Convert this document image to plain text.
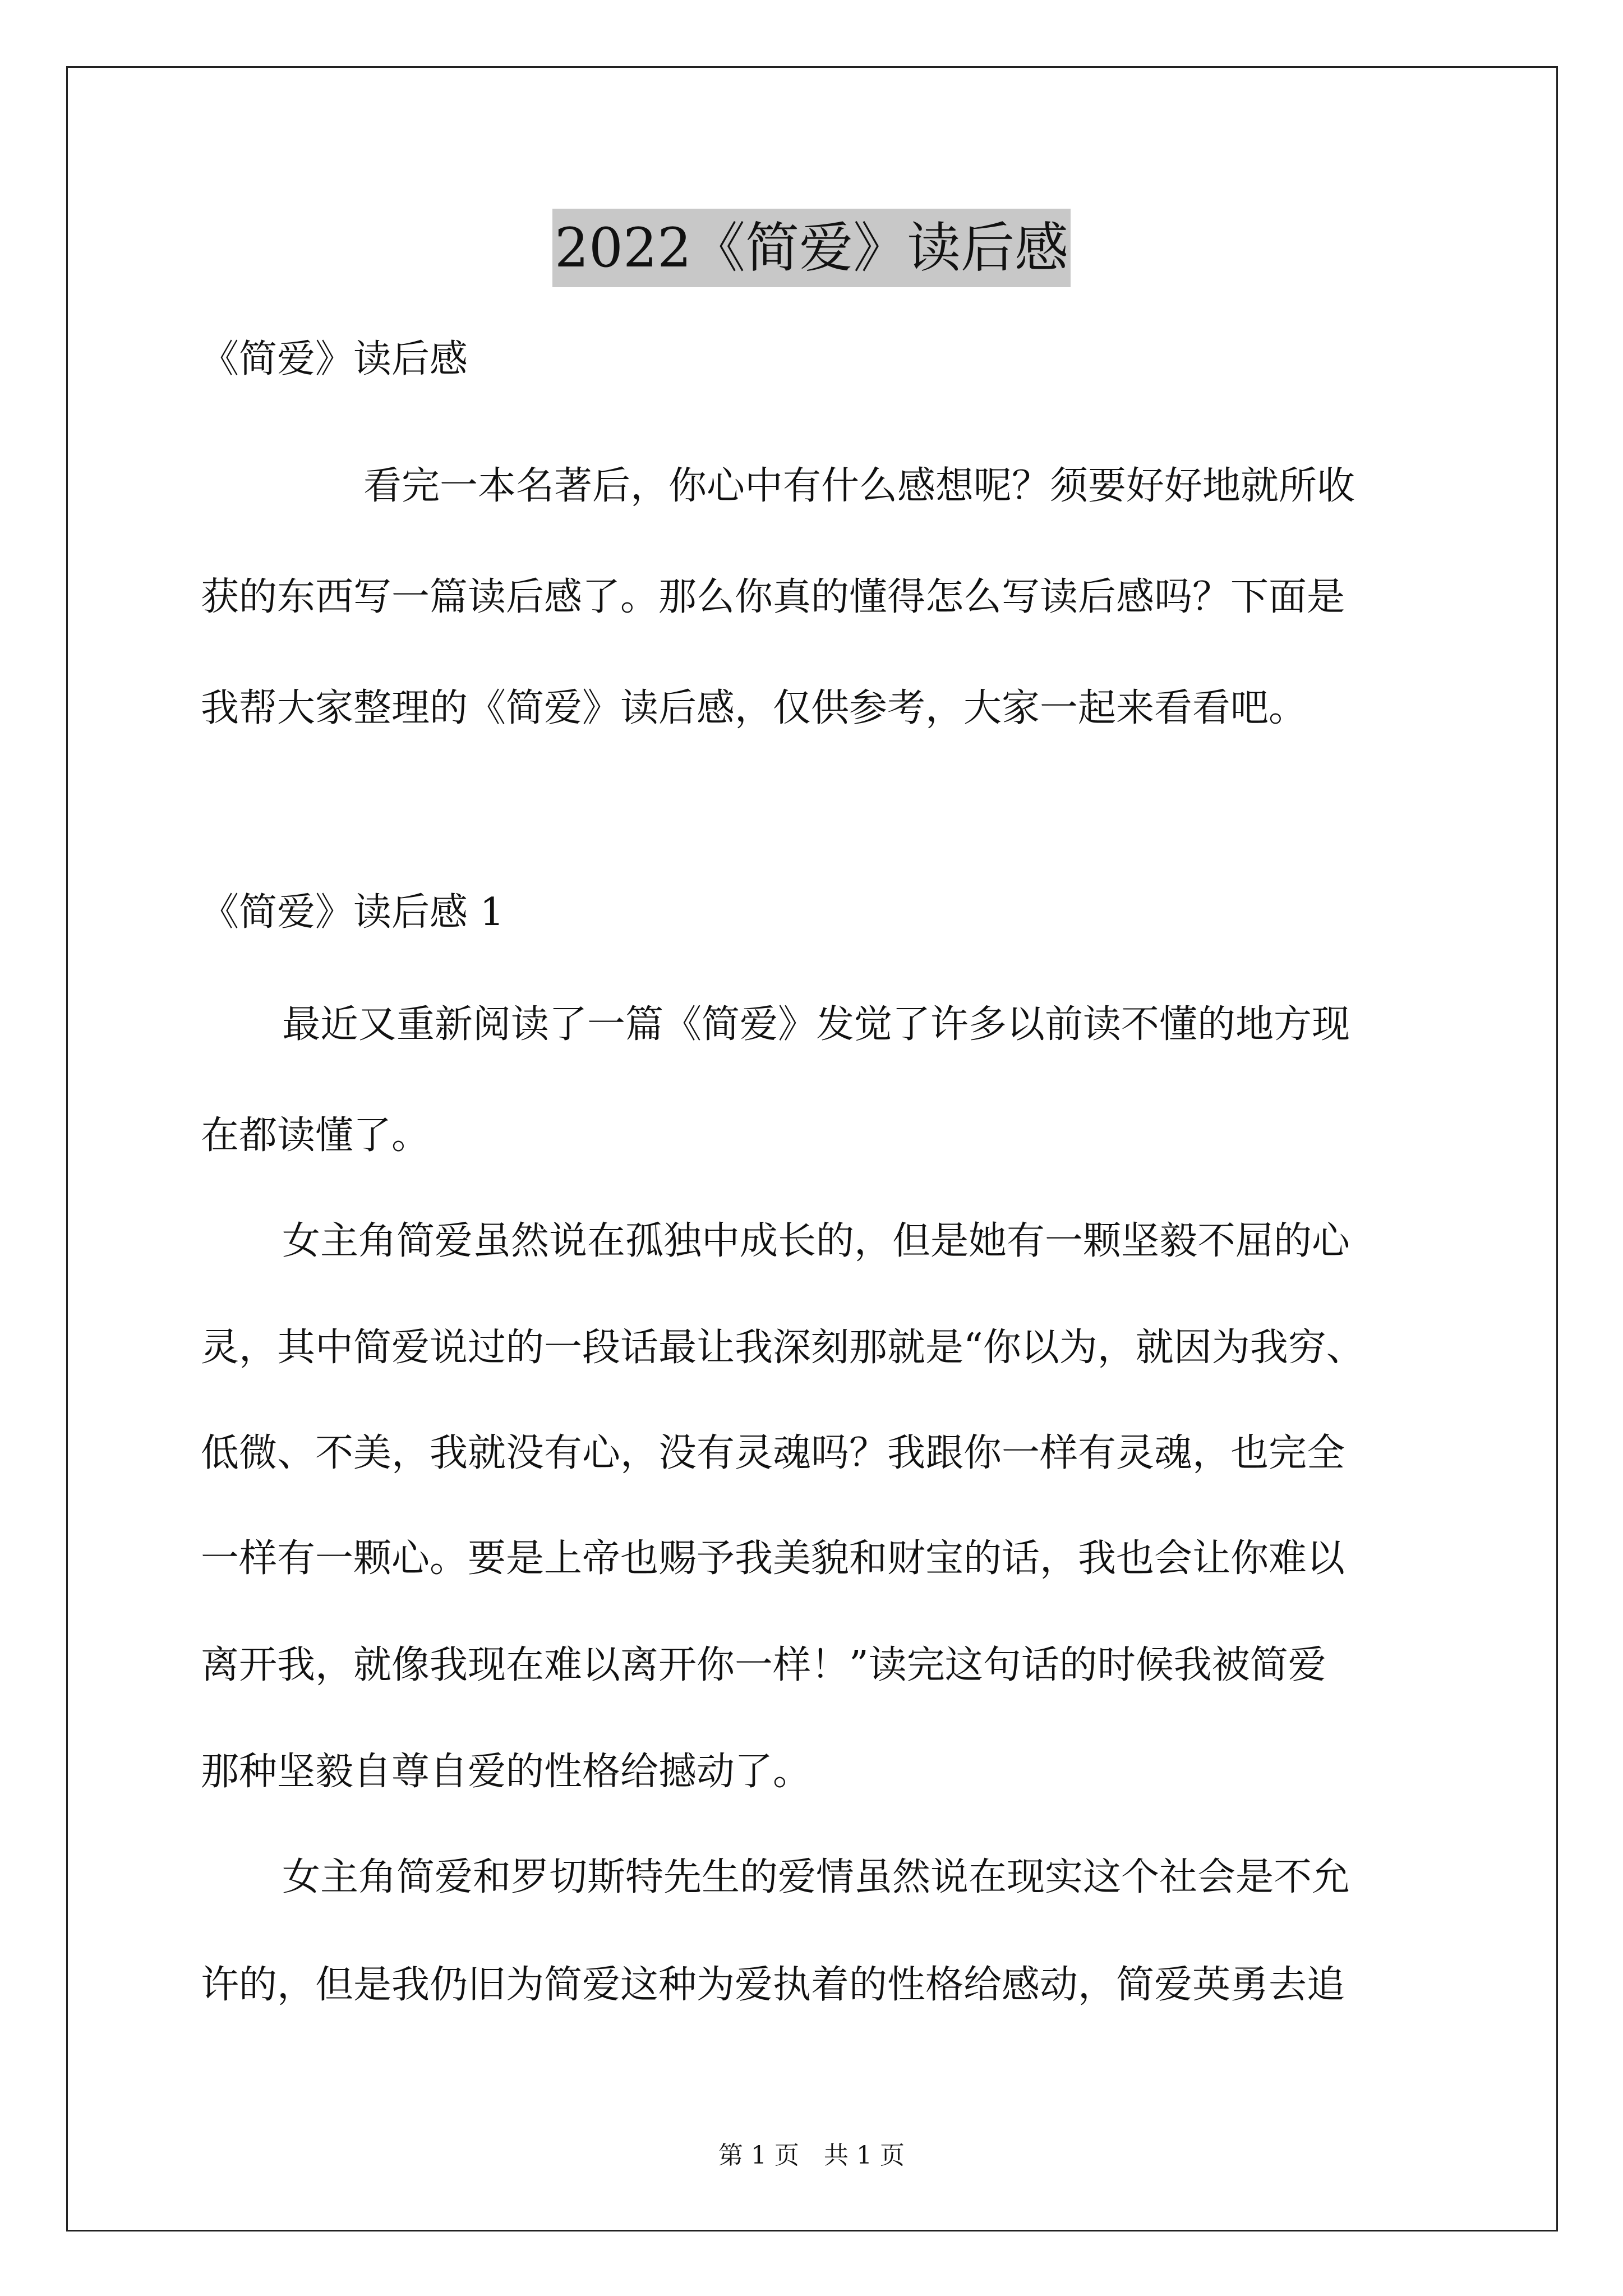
2022《简爱》读后感
《简爱》读后感
看完一本名著后，你心中有什么感想呢？须要好好地就所收
获的东西写一篇读后感了。那么你真的懂得怎么写读后感吗？下面是
我帮大家整理的《简爱》读后感，仅供参考，大家一起来看看吧。
《简爱》读后感 1
最近又重新阅读了一篇《简爱》发觉了许多以前读不懂的地方现
在都读懂了。
女主角简爱虽然说在孤独中成长的，但是她有一颗坚毅不屈的心
灵，其中简爱说过的一段话最让我深刻那就是“你以为，就因为我穷、
低微、不美，我就没有心，没有灵魂吗？我跟你一样有灵魂，也完全
一样有一颗心。要是上帝也赐予我美貌和财宝的话，我也会让你难以
离开我，就像我现在难以离开你一样！”读完这句话的时候我被简爱
那种坚毅自尊自爱的性格给撼动了。
女主角简爱和罗切斯特先生的爱情虽然说在现实这个社会是不允
许的，但是我仍旧为简爱这种为爱执着的性格给感动，简爱英勇去追
第 1 页 共 1 页
